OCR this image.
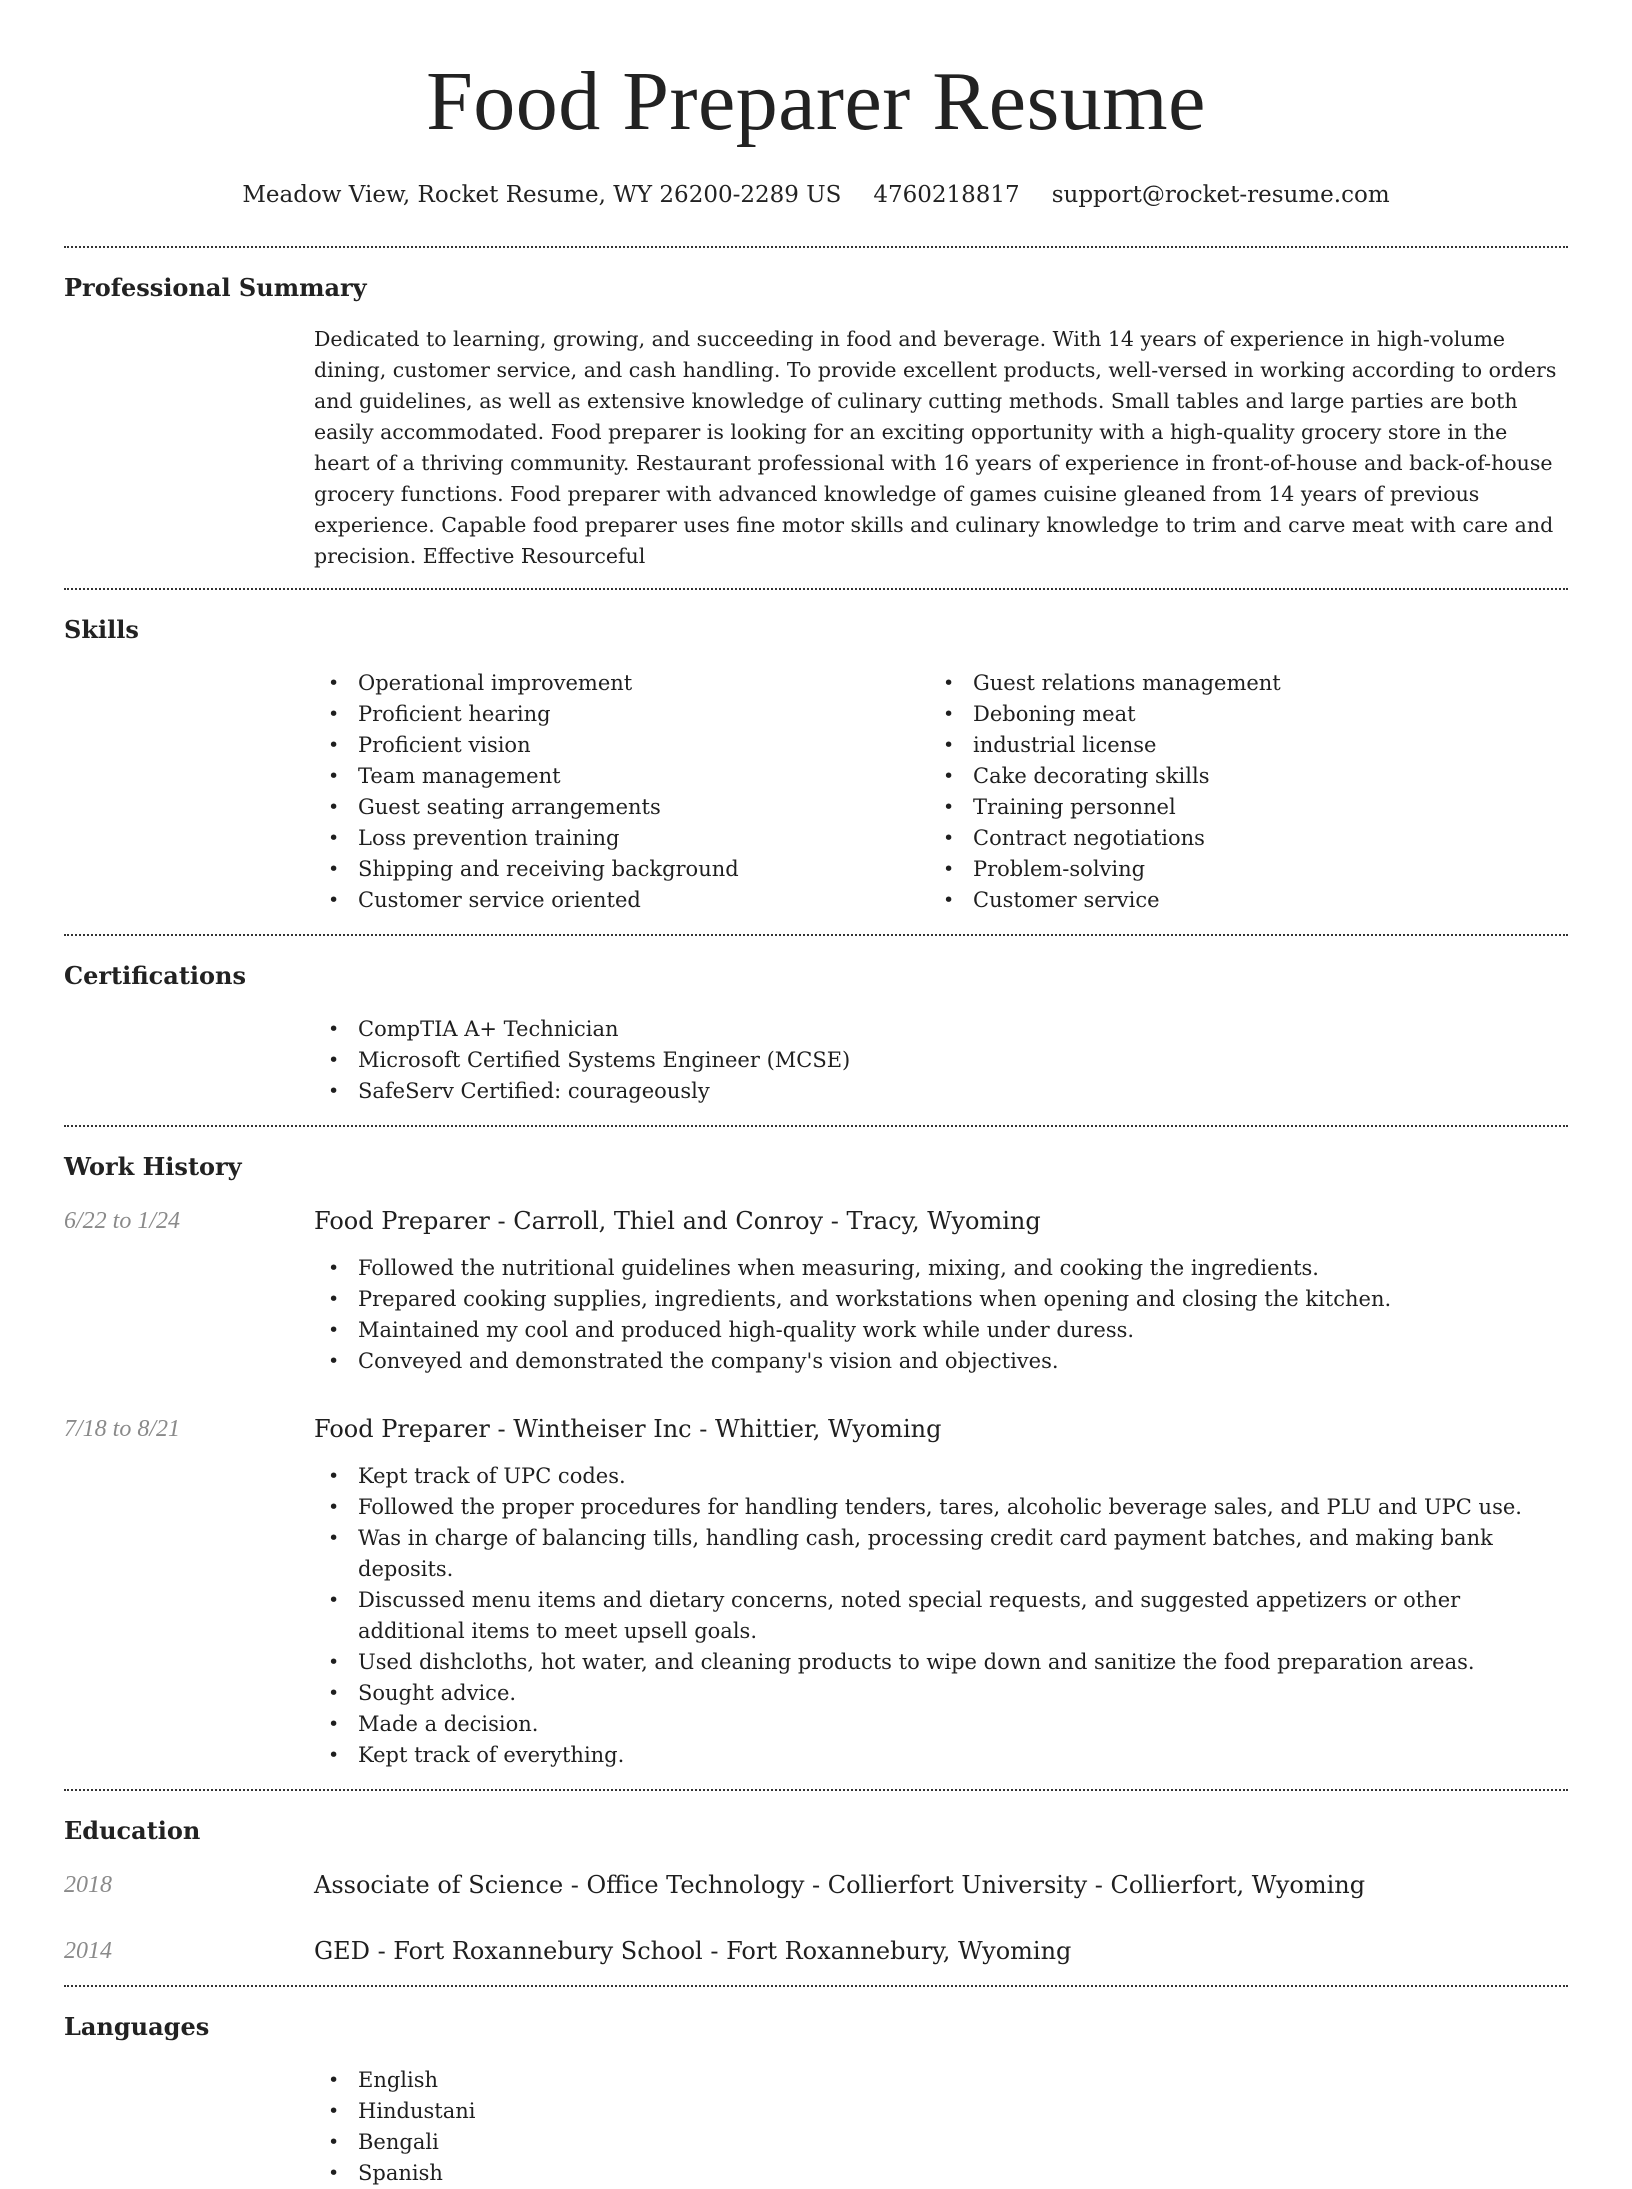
Food Preparer Resume
Meadow View, Rocket Resume, WY 26200-2289 US 4760218817 support@rocket-resume.com
Professional Summary

Dedicated to learning, growing, and succeeding in food and beverage. With 14 years of experience in high-volume dining, customer service, and cash handling. To provide excellent products, well-versed in working according to orders and guidelines, as well as extensive knowledge of culinary cutting methods. Small tables and large parties are both easily accommodated. Food preparer is looking for an exciting opportunity with a high-quality grocery store in the heart of a thriving community. Restaurant professional with 16 years of experience in front-of-house and back-of-house grocery functions. Food preparer with advanced knowledge of games cuisine gleaned from 14 years of previous experience. Capable food preparer uses fine motor skills and culinary knowledge to trim and carve meat with care and precision. Effective Resourceful

Skills
• Operational improvement
• Proficient hearing
• Proficient vision
• Team management
• Guest seating arrangements
• Loss prevention training
• Shipping and receiving background
• Customer service oriented
• Guest relations management
• Deboning meat
• industrial license
• Cake decorating skills
• Training personnel
• Contract negotiations
• Problem-solving
• Customer service
Certifications
• CompTIA A+ Technician
• Microsoft Certified Systems Engineer (MCSE)
• SafeServ Certified: courageously
Work History
6/22 to 1/24	Food Preparer - Carroll, Thiel and Conroy - Tracy, Wyoming
• Followed the nutritional guidelines when measuring, mixing, and cooking the ingredients.
• Prepared cooking supplies, ingredients, and workstations when opening and closing the kitchen.
• Maintained my cool and produced high-quality work while under duress.
• Conveyed and demonstrated the company's vision and objectives.
7/18 to 8/21	Food Preparer - Wintheiser Inc - Whittier, Wyoming
• Kept track of UPC codes.
• Followed the proper procedures for handling tenders, tares, alcoholic beverage sales, and PLU and UPC use.
• Was in charge of balancing tills, handling cash, processing credit card payment batches, and making bank deposits.
• Discussed menu items and dietary concerns, noted special requests, and suggested appetizers or other additional items to meet upsell goals.
• Used dishcloths, hot water, and cleaning products to wipe down and sanitize the food preparation areas.
• Sought advice.
• Made a decision.
• Kept track of everything.
Education
2018	Associate of Science - Office Technology - Collierfort University - Collierfort, Wyoming
2014	GED - Fort Roxannebury School - Fort Roxannebury, Wyoming
Languages
• English
• Hindustani
• Bengali
• Spanish
